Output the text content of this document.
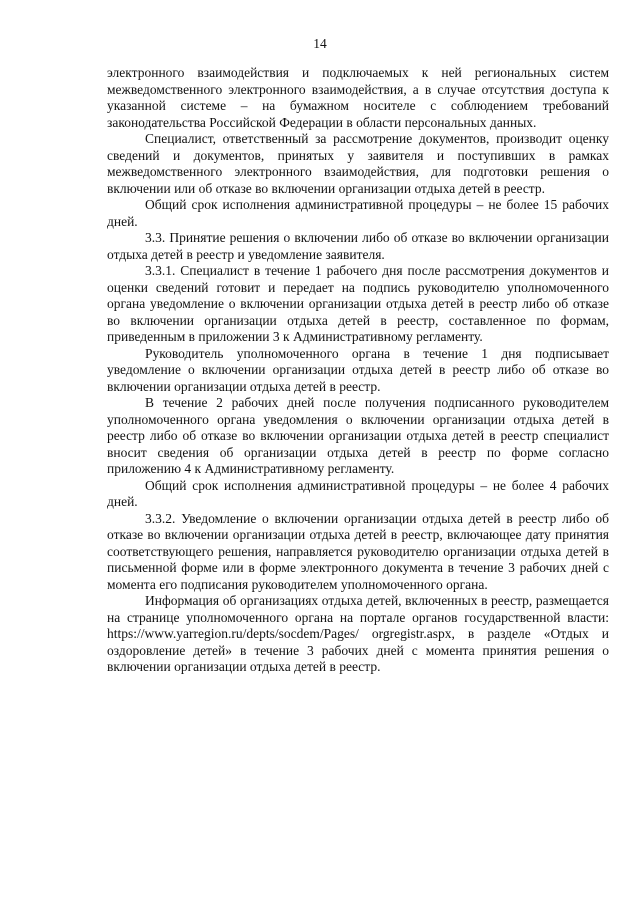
14

электронного взаимодействия и подключаемых к ней региональных систем межведомственного электронного взаимодействия, а в случае отсутствия доступа к указанной системе – на бумажном носителе с соблюдением требований законодательства Российской Федерации в области персональных данных.

Специалист, ответственный за рассмотрение документов, производит оценку сведений и документов, принятых у заявителя и поступивших в рамках межведомственного электронного взаимодействия, для подготовки решения о включении или об отказе во включении организации отдыха детей в реестр.

Общий срок исполнения административной процедуры – не более 15 рабочих дней.

3.3. Принятие решения о включении либо об отказе во включении организации отдыха детей в реестр и уведомление заявителя.

3.3.1. Специалист в течение 1 рабочего дня после рассмотрения документов и оценки сведений готовит и передает на подпись руководителю уполномоченного органа уведомление о включении организации отдыха детей в реестр либо об отказе во включении организации отдыха детей в реестр, составленное по формам, приведенным в приложении 3 к Административному регламенту.

Руководитель уполномоченного органа в течение 1 дня подписывает уведомление о включении организации отдыха детей в реестр либо об отказе во включении организации отдыха детей в реестр.

В течение 2 рабочих дней после получения подписанного руководителем уполномоченного органа уведомления о включении организации отдыха детей в реестр либо об отказе во включении организации отдыха детей в реестр специалист вносит сведения об организации отдыха детей в реестр по форме согласно приложению 4 к Административному регламенту.

Общий срок исполнения административной процедуры – не более 4 рабочих дней.

3.3.2. Уведомление о включении организации отдыха детей в реестр либо об отказе во включении организации отдыха детей в реестр, включающее дату принятия соответствующего решения, направляется руководителю организации отдыха детей в письменной форме или в форме электронного документа в течение 3 рабочих дней с момента его подписания руководителем уполномоченного органа.

Информация об организациях отдыха детей, включенных в реестр, размещается на странице уполномоченного органа на портале органов государственной власти: https://www.yarregion.ru/depts/socdem/Pages/ orgregistr.aspx, в разделе «Отдых и оздоровление детей» в течение 3 рабочих дней с момента принятия решения о включении организации отдыха детей в реестр.
